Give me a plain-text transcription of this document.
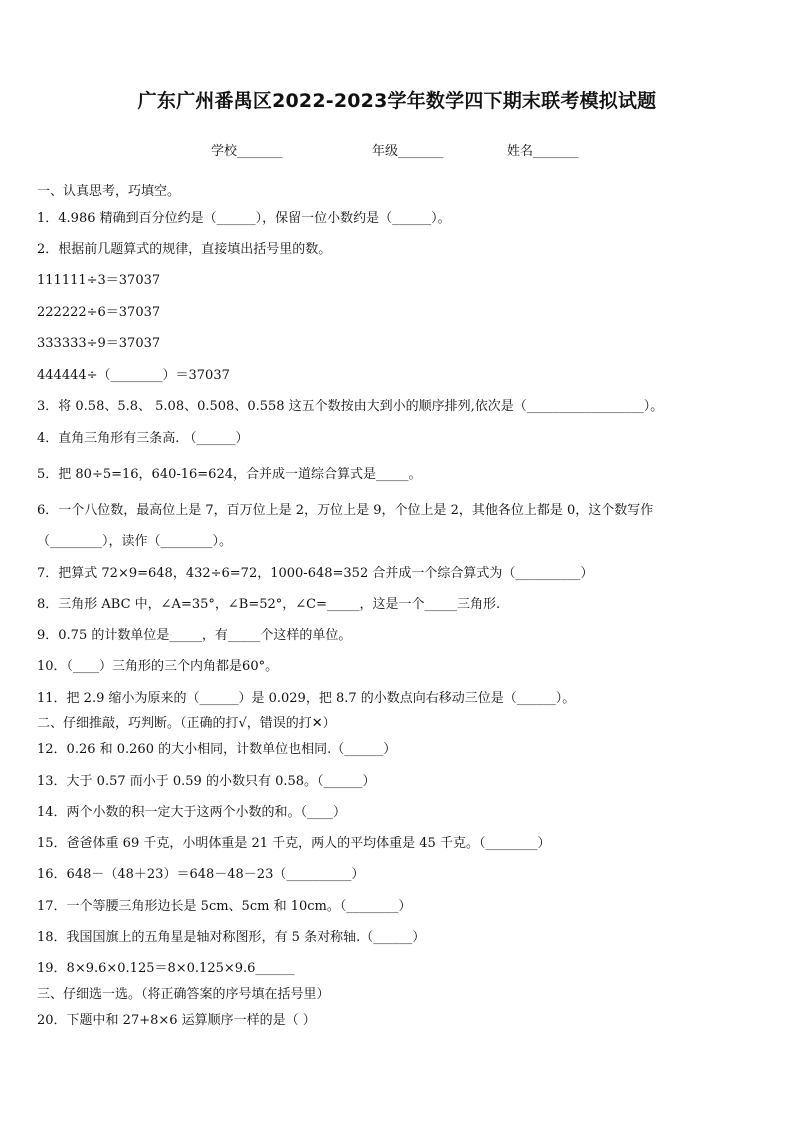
广东广州番禺区2022-2023学年数学四下期末联考模拟试题
学校_______	年级_______	姓名_______
一、认真思考，巧填空。
1．4.986 精确到百分位约是（______），保留一位小数约是（______）。
2．根据前几题算式的规律，直接填出括号里的数。
111111÷3＝37037
222222÷6＝37037
333333÷9＝37037
444444÷（________）＝37037
3．将 0.58、5.8、 5.08、0.508、0.558 这五个数按由大到小的顺序排列,依次是（__________________）。
4．直角三角形有三条高. （______）
5．把 80÷5=16，640-16=624，合并成一道综合算式是_____。
6．一个八位数，最高位上是 7，百万位上是 2，万位上是 9，个位上是 2，其他各位上都是 0，这个数写作
（________），读作（________）。
7．把算式 72×9=648，432÷6=72，1000-648=352 合并成一个综合算式为（__________）
8．三角形 ABC 中，∠A=35°，∠B=52°，∠C=_____，这是一个_____三角形.
9．0.75 的计数单位是_____，有_____个这样的单位。
10．（____）三角形的三个内角都是60°。
11．把 2.9 缩小为原来的（______）是 0.029，把 8.7 的小数点向右移动三位是（______）。
二、仔细推敲，巧判断。（正确的打√，错误的打✕）
12．0.26 和 0.260 的大小相同，计数单位也相同.（______）
13．大于 0.57 而小于 0.59 的小数只有 0.58。（______）
14．两个小数的积一定大于这两个小数的和。（____）
15．爸爸体重 69 千克，小明体重是 21 千克，两人的平均体重是 45 千克。（________）
16．648－（48＋23）＝648－48－23（__________）
17．一个等腰三角形边长是 5cm、5cm 和 10cm。（________）
18．我国国旗上的五角星是轴对称图形，有 5 条对称轴.（______）
19．8×9.6×0.125＝8×0.125×9.6______
三、仔细选一选。（将正确答案的序号填在括号里）
20．下题中和 27+8×6 运算顺序一样的是（ ）
